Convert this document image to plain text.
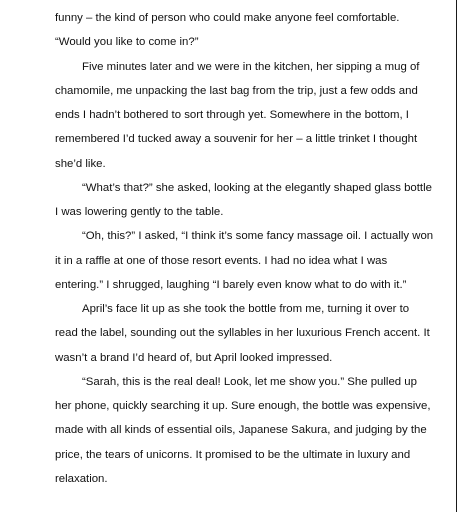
funny – the kind of person who could make anyone feel comfortable.

“Would you like to come in?”

Five minutes later and we were in the kitchen, her sipping a mug of

chamomile, me unpacking the last bag from the trip, just a few odds and

ends I hadn’t bothered to sort through yet. Somewhere in the bottom, I

remembered I’d tucked away a souvenir for her – a little trinket I thought

she’d like.

“What’s that?” she asked, looking at the elegantly shaped glass bottle

I was lowering gently to the table.

“Oh, this?” I asked, “I think it’s some fancy massage oil. I actually won

it in a raffle at one of those resort events. I had no idea what I was

entering.” I shrugged, laughing “I barely even know what to do with it.”

April’s face lit up as she took the bottle from me, turning it over to

read the label, sounding out the syllables in her luxurious French accent. It

wasn’t a brand I’d heard of, but April looked impressed.

“Sarah, this is the real deal! Look, let me show you.” She pulled up

her phone, quickly searching it up. Sure enough, the bottle was expensive,

made with all kinds of essential oils, Japanese Sakura, and judging by the

price, the tears of unicorns. It promised to be the ultimate in luxury and

relaxation.
